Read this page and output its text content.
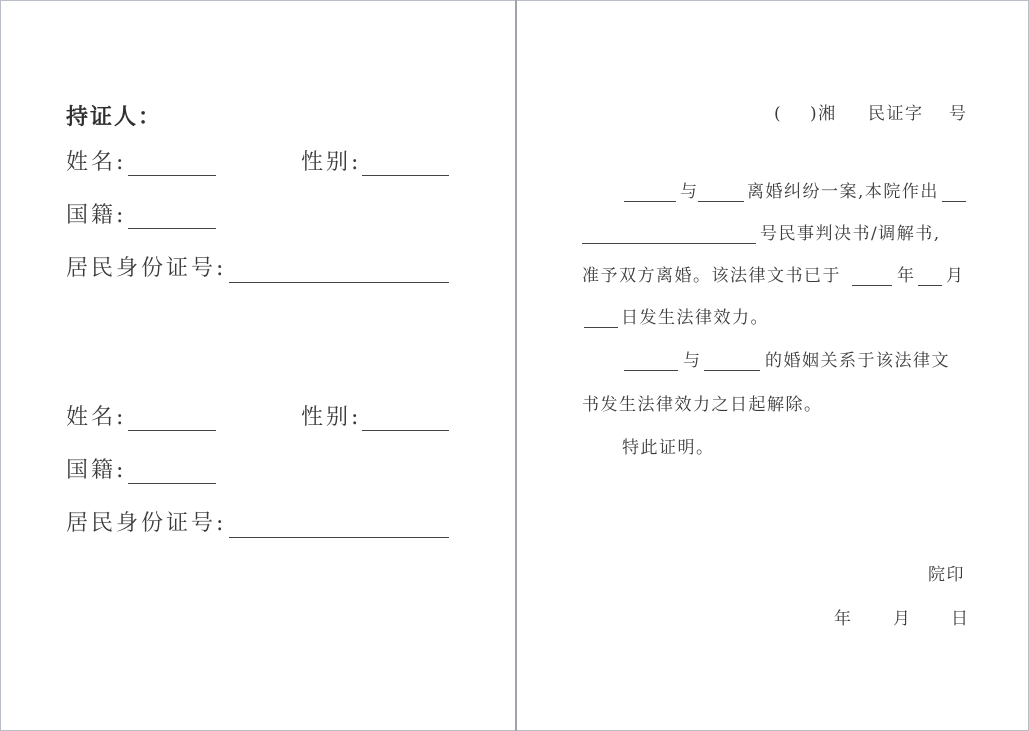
持证人：
姓名:	性别:
国籍:
居民身份证号:
姓名:	性别:
国籍:
居民身份证号:
( )湘 民证字 号
与	离婚纠纷一案,本院作出
号民事判决书/调解书,
准予双方离婚。该法律文书已于	年 月
日发生法律效力。
与	的婚姻关系于该法律文
书发生法律效力之日起解除。
特此证明。
院印
年 月 日
